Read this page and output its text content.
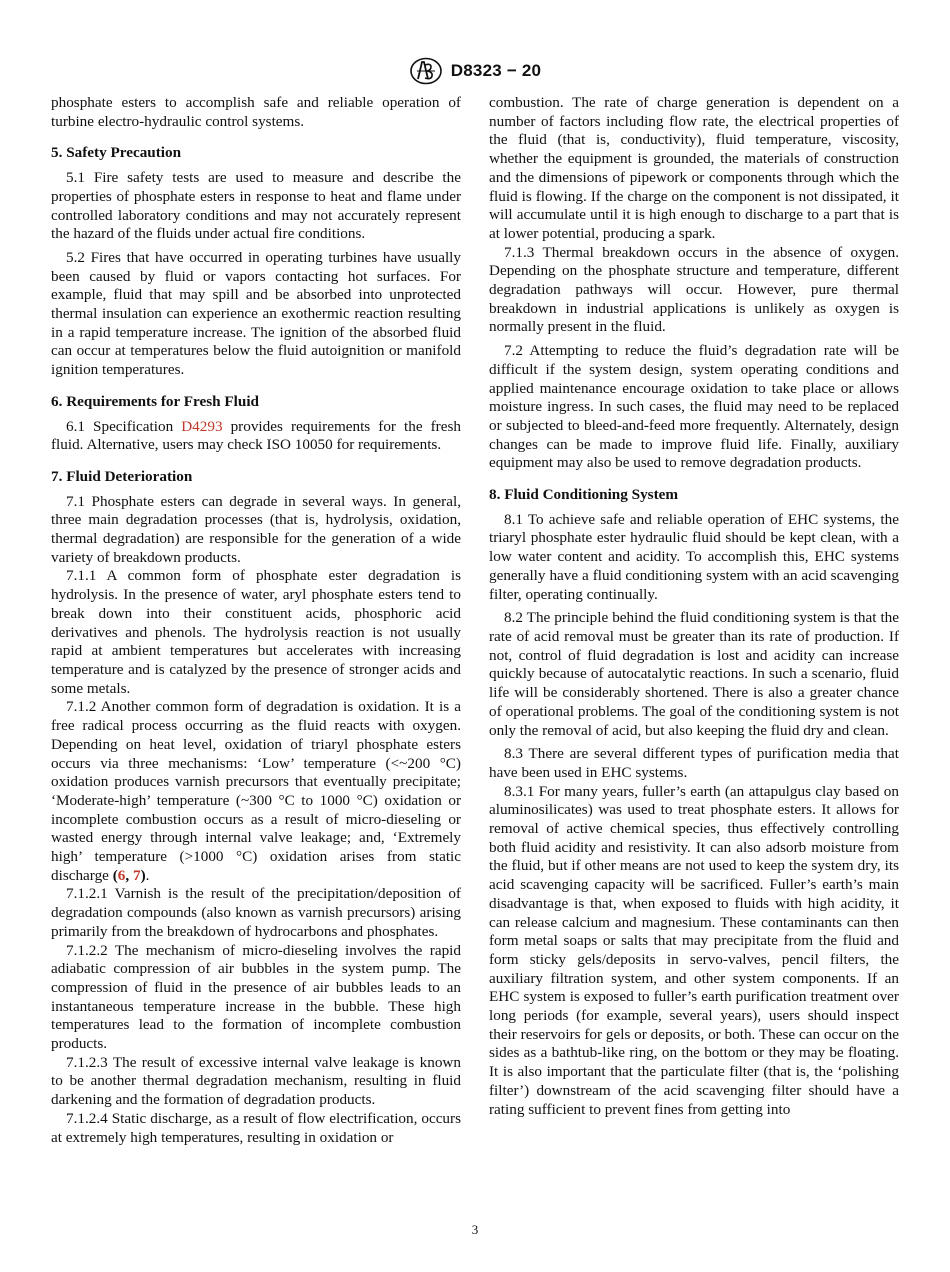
D8323 − 20

phosphate esters to accomplish safe and reliable operation of turbine electro-hydraulic control systems.

5. Safety Precaution

5.1 Fire safety tests are used to measure and describe the properties of phosphate esters in response to heat and flame under controlled laboratory conditions and may not accurately represent the hazard of the fluids under actual fire conditions.

5.2 Fires that have occurred in operating turbines have usually been caused by fluid or vapors contacting hot surfaces. For example, fluid that may spill and be absorbed into unprotected thermal insulation can experience an exothermic reaction resulting in a rapid temperature increase. The ignition of the absorbed fluid can occur at temperatures below the fluid autoignition or manifold ignition temperatures.

6. Requirements for Fresh Fluid

6.1 Specification D4293 provides requirements for the fresh fluid. Alternative, users may check ISO 10050 for requirements.

7. Fluid Deterioration

7.1 Phosphate esters can degrade in several ways. In general, three main degradation processes (that is, hydrolysis, oxidation, thermal degradation) are responsible for the generation of a wide variety of breakdown products.

7.1.1 A common form of phosphate ester degradation is hydrolysis. In the presence of water, aryl phosphate esters tend to break down into their constituent acids, phosphoric acid derivatives and phenols. The hydrolysis reaction is not usually rapid at ambient temperatures but accelerates with increasing temperature and is catalyzed by the presence of stronger acids and some metals.

7.1.2 Another common form of degradation is oxidation. It is a free radical process occurring as the fluid reacts with oxygen. Depending on heat level, oxidation of triaryl phosphate esters occurs via three mechanisms: ‘Low’ temperature (<~200 °C) oxidation produces varnish precursors that eventually precipitate; ‘Moderate-high’ temperature (~300 °C to 1000 °C) oxidation or incomplete combustion occurs as a result of micro-dieseling or wasted energy through internal valve leakage; and, ‘Extremely high’ temperature (>1000 °C) oxidation arises from static discharge (6, 7).

7.1.2.1 Varnish is the result of the precipitation/deposition of degradation compounds (also known as varnish precursors) arising primarily from the breakdown of hydrocarbons and phosphates.

7.1.2.2 The mechanism of micro-dieseling involves the rapid adiabatic compression of air bubbles in the system pump. The compression of fluid in the presence of air bubbles leads to an instantaneous temperature increase in the bubble. These high temperatures lead to the formation of incomplete combustion products.

7.1.2.3 The result of excessive internal valve leakage is known to be another thermal degradation mechanism, resulting in fluid darkening and the formation of degradation products.

7.1.2.4 Static discharge, as a result of flow electrification, occurs at extremely high temperatures, resulting in oxidation or

combustion. The rate of charge generation is dependent on a number of factors including flow rate, the electrical properties of the fluid (that is, conductivity), fluid temperature, viscosity, whether the equipment is grounded, the materials of construction and the dimensions of pipework or components through which the fluid is flowing. If the charge on the component is not dissipated, it will accumulate until it is high enough to discharge to a part that is at lower potential, producing a spark.

7.1.3 Thermal breakdown occurs in the absence of oxygen. Depending on the phosphate structure and temperature, different degradation pathways will occur. However, pure thermal breakdown in industrial applications is unlikely as oxygen is normally present in the fluid.

7.2 Attempting to reduce the fluid’s degradation rate will be difficult if the system design, system operating conditions and applied maintenance encourage oxidation to take place or allows moisture ingress. In such cases, the fluid may need to be replaced or subjected to bleed-and-feed more frequently. Alternately, design changes can be made to improve fluid life. Finally, auxiliary equipment may also be used to remove degradation products.

8. Fluid Conditioning System

8.1 To achieve safe and reliable operation of EHC systems, the triaryl phosphate ester hydraulic fluid should be kept clean, with a low water content and acidity. To accomplish this, EHC systems generally have a fluid conditioning system with an acid scavenging filter, operating continually.

8.2 The principle behind the fluid conditioning system is that the rate of acid removal must be greater than its rate of production. If not, control of fluid degradation is lost and acidity can increase quickly because of autocatalytic reactions. In such a scenario, fluid life will be considerably shortened. There is also a greater chance of operational problems. The goal of the conditioning system is not only the removal of acid, but also keeping the fluid dry and clean.

8.3 There are several different types of purification media that have been used in EHC systems.

8.3.1 For many years, fuller’s earth (an attapulgus clay based on aluminosilicates) was used to treat phosphate esters. It allows for removal of active chemical species, thus effectively controlling both fluid acidity and resistivity. It can also adsorb moisture from the fluid, but if other means are not used to keep the system dry, its acid scavenging capacity will be sacrificed. Fuller’s earth’s main disadvantage is that, when exposed to fluids with high acidity, it can release calcium and magnesium. These contaminants can then form metal soaps or salts that may precipitate from the fluid and form sticky gels/deposits in servo-valves, pencil filters, the auxiliary filtration system, and other system components. If an EHC system is exposed to fuller’s earth purification treatment over long periods (for example, several years), users should inspect their reservoirs for gels or deposits, or both. These can occur on the sides as a bathtub-like ring, on the bottom or they may be floating. It is also important that the particulate filter (that is, the ‘polishing filter’) downstream of the acid scavenging filter should have a rating sufficient to prevent fines from getting into

3
